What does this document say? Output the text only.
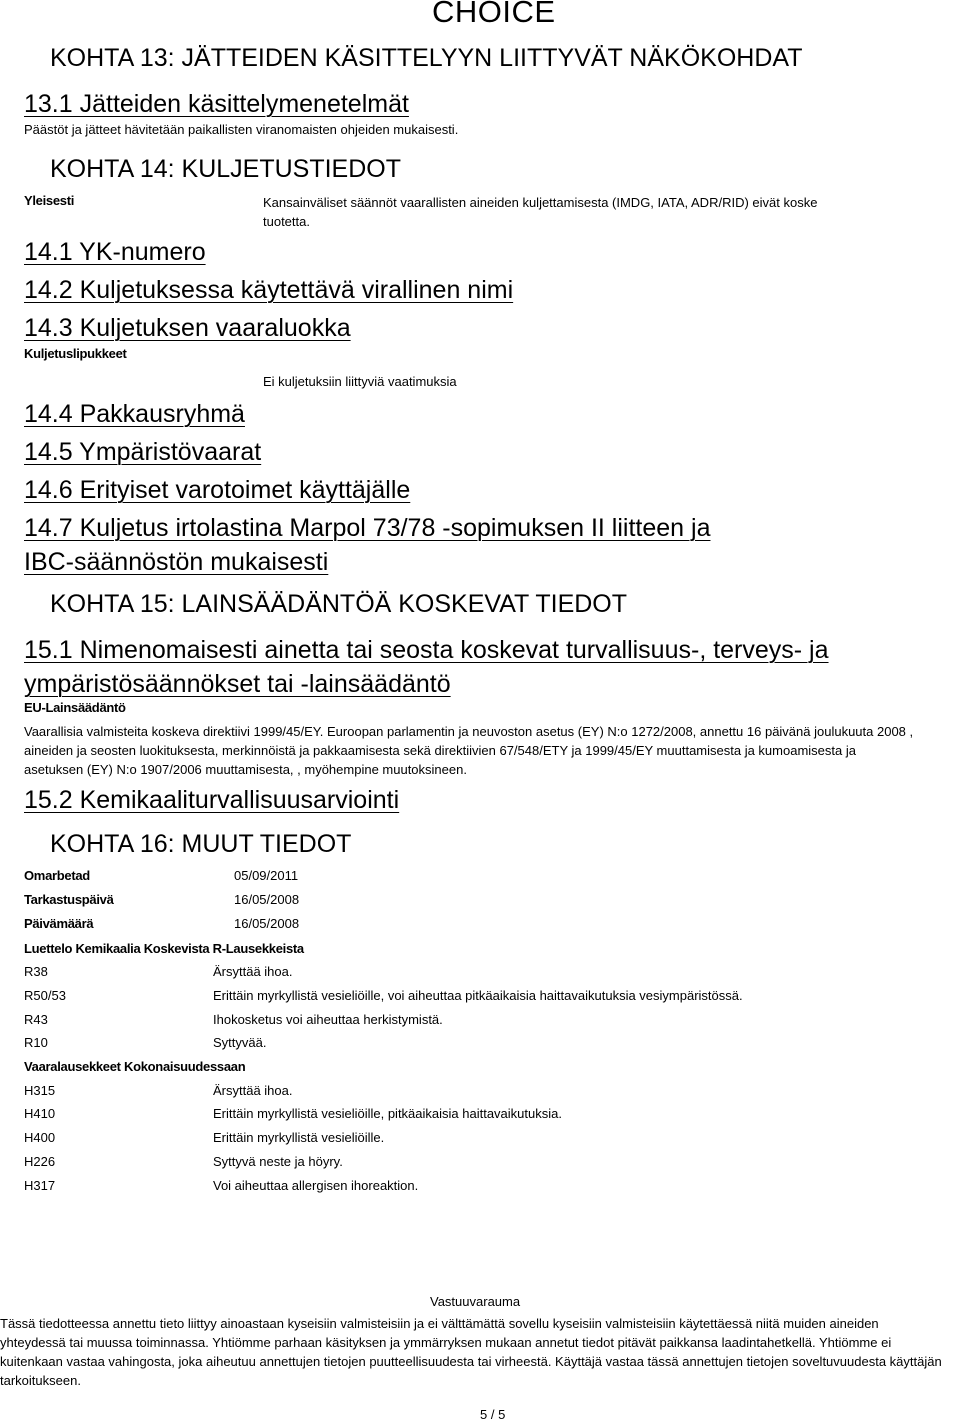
CHOICE
KOHTA 13: JÄTTEIDEN KÄSITTELYYN LIITTYVÄT NÄKÖKOHDAT
13.1 Jätteiden käsittelymenetelmät
Päästöt ja jätteet hävitetään paikallisten viranomaisten ohjeiden mukaisesti.
KOHTA 14: KULJETUSTIEDOT
Yleisesti	Kansainväliset säännöt vaarallisten aineiden kuljettamisesta (IMDG, IATA, ADR/RID) eivät koske
tuotetta.
14.1 YK-numero
14.2 Kuljetuksessa käytettävä virallinen nimi
14.3 Kuljetuksen vaaraluokka
Kuljetuslipukkeet
Ei kuljetuksiin liittyviä vaatimuksia
14.4 Pakkausryhmä
14.5 Ympäristövaarat
14.6 Erityiset varotoimet käyttäjälle
14.7 Kuljetus irtolastina Marpol 73/78 -sopimuksen II liitteen ja
IBC-säännöstön mukaisesti
KOHTA 15: LAINSÄÄDÄNTÖÄ KOSKEVAT TIEDOT
15.1 Nimenomaisesti ainetta tai seosta koskevat turvallisuus-, terveys- ja
ympäristösäännökset tai -lainsäädäntö
EU-Lainsäädäntö
Vaarallisia valmisteita koskeva direktiivi 1999/45/EY. Euroopan parlamentin ja neuvoston asetus (EY) N:o 1272/2008, annettu 16 päivänä joulukuuta 2008 , aineiden ja seosten luokituksesta, merkinnöistä ja pakkaamisesta sekä direktiivien 67/548/ETY ja 1999/45/EY muuttamisesta ja kumoamisesta ja asetuksen (EY) N:o 1907/2006 muuttamisesta, , myöhempine muutoksineen.
15.2 Kemikaaliturvallisuusarviointi
KOHTA 16: MUUT TIEDOT
Omarbetad	05/09/2011
Tarkastuspäivä	16/05/2008
Päivämäärä	16/05/2008
Luettelo Kemikaalia Koskevista R-Lausekkeista
R38	Ärsyttää ihoa.
R50/53	Erittäin myrkyllistä vesieliöille, voi aiheuttaa pitkäaikaisia haittavaikutuksia vesiympäristössä.
R43	Ihokosketus voi aiheuttaa herkistymistä.
R10	Syttyvää.
Vaaralausekkeet Kokonaisuudessaan
H315	Ärsyttää ihoa.
H410	Erittäin myrkyllistä vesieliöille, pitkäaikaisia haittavaikutuksia.
H400	Erittäin myrkyllistä vesieliöille.
H226	Syttyvä neste ja höyry.
H317	Voi aiheuttaa allergisen ihoreaktion.
Vastuuvarauma
Tässä tiedotteessa annettu tieto liittyy ainoastaan kyseisiin valmisteisiin ja ei välttämättä sovellu kyseisiin valmisteisiin käytettäessä niitä muiden aineiden yhteydessä tai muussa toiminnassa. Yhtiömme parhaan käsityksen ja ymmärryksen mukaan annetut tiedot pitävät paikkansa laadintahetkellä. Yhtiömme ei kuitenkaan vastaa vahingosta, joka aiheutuu annettujen tietojen puutteellisuudesta tai virheestä. Käyttäjä vastaa tässä annettujen tietojen soveltuvuudesta käyttäjän tarkoitukseen.
5 / 5
